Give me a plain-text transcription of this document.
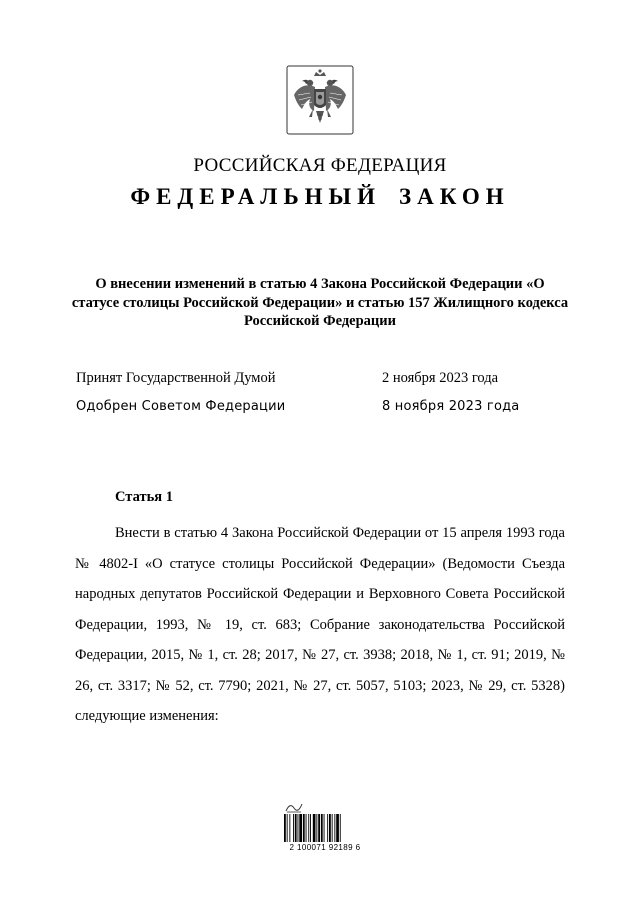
РОССИЙСКАЯ ФЕДЕРАЦИЯ
ФЕДЕРАЛЬНЫЙ ЗАКОН
О внесении изменений в статью 4 Закона Российской Федерации «О статусе столицы Российской Федерации» и статью 157 Жилищного кодекса Российской Федерации
Принят Государственной Думой	2 ноября 2023 года
Одобрен Советом Федерации	8 ноября 2023 года
Статья 1
Внести в статью 4 Закона Российской Федерации от 15 апреля 1993 года № 4802-I «О статусе столицы Российской Федерации» (Ведомости Съезда народных депутатов Российской Федерации и Верховного Совета Российской Федерации, 1993, № 19, ст. 683; Собрание законодательства Российской Федерации, 2015, № 1, ст. 28; 2017, № 27, ст. 3938; 2018, № 1, ст. 91; 2019, № 26, ст. 3317; № 52, ст. 7790; 2021, № 27, ст. 5057, 5103; 2023, № 29, ст. 5328) следующие изменения:
2 100071 92189 6
